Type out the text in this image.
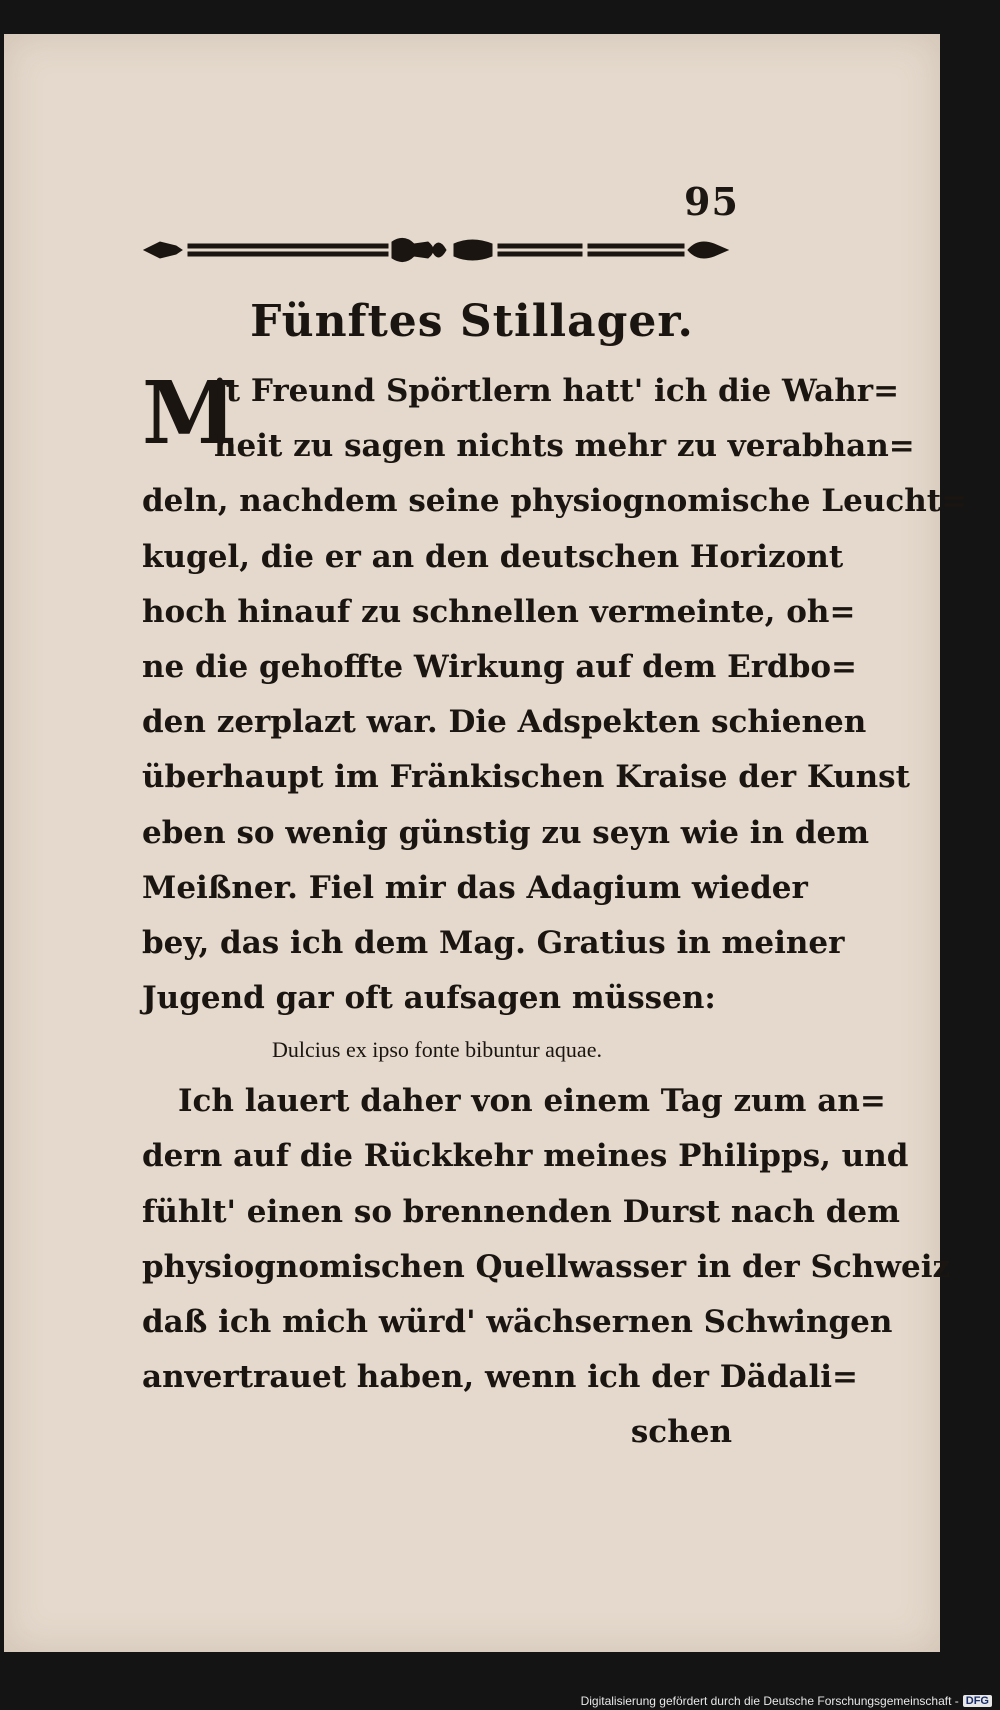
95
Fünftes Stillager.
M
it Freund Spörtlern hatt' ich die Wahr=
heit zu sagen nichts mehr zu verabhan=
deln, nachdem seine physiognomische Leucht=
kugel, die er an den deutschen Horizont
hoch hinauf zu schnellen vermeinte, oh=
ne die gehoffte Wirkung auf dem Erdbo=
den zerplazt war. Die Adspekten schienen
überhaupt im Fränkischen Kraise der Kunst
eben so wenig günstig zu seyn wie in dem
Meißner. Fiel mir das Adagium wieder
bey, das ich dem Mag. Gratius in meiner
Jugend gar oft aufsagen müssen:
Dulcius ex ipso fonte bibuntur aquae.
Ich lauert daher von einem Tag zum an=
dern auf die Rückkehr meines Philipps, und
fühlt' einen so brennenden Durst nach dem
physiognomischen Quellwasser in der Schweiz
daß ich mich würd' wächsernen Schwingen
anvertrauet haben, wenn ich der Dädali=
schen
Digitalisierung gefördert durch die Deutsche Forschungsgemeinschaft - DFG
